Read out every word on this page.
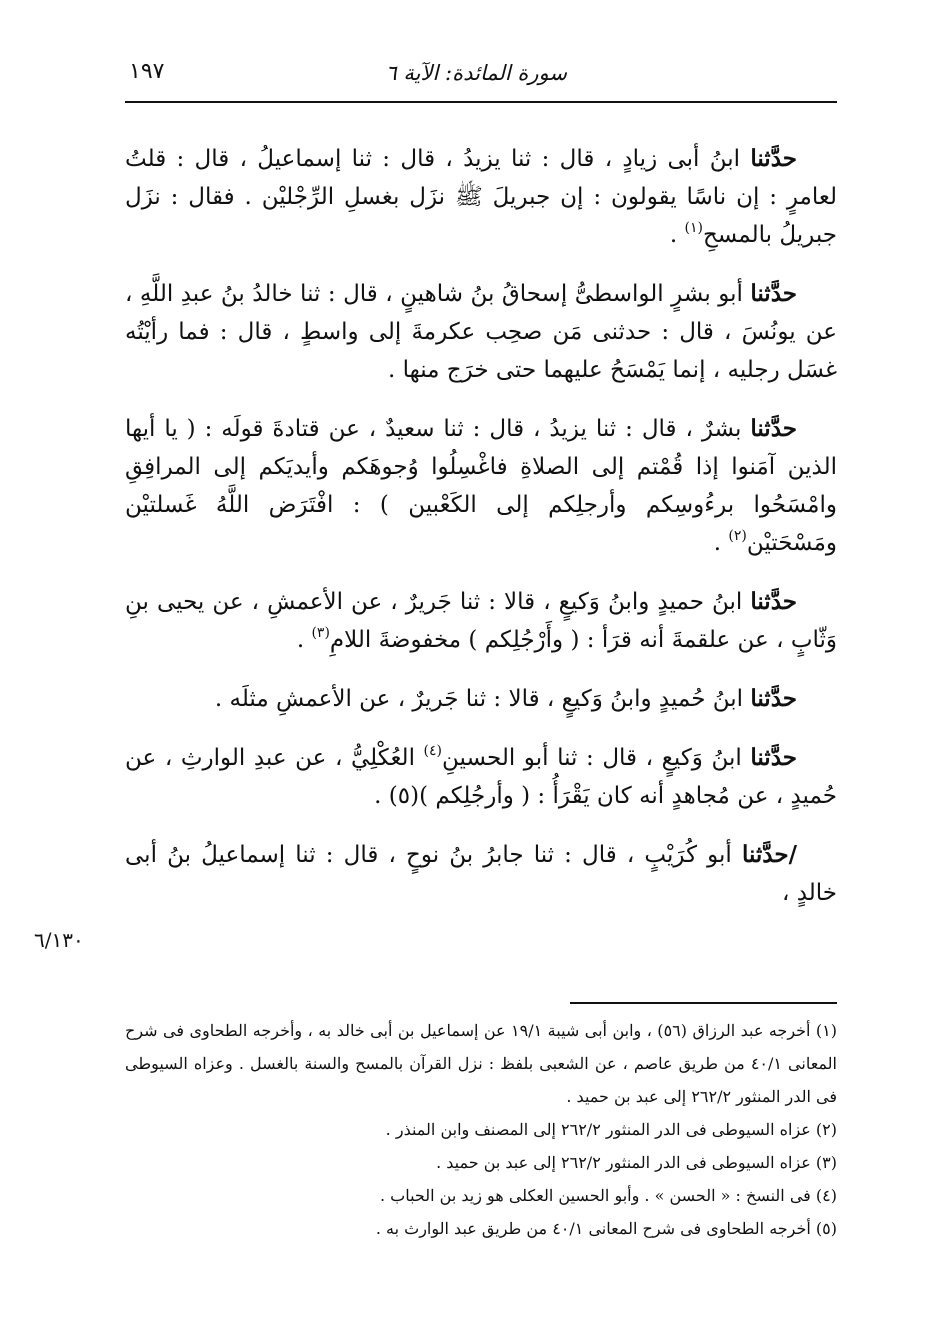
سورة المائدة: الآية ٦
١٩٧

حدَّثنا ابنُ أبى زيادٍ ، قال : ثنا يزيدُ ، قال : ثنا إسماعيلُ ، قال : قلتُ لعامرٍ : إن ناسًا يقولون : إن جبريلَ ﷺ نزَل بغسلِ الرِّجْليْن . فقال : نزَل جبريلُ بالمسحِ$^{(١)}$ .

حدَّثنا أبو بشرٍ الواسطىُّ إسحاقُ بنُ شاهينٍ ، قال : ثنا خالدُ بنُ عبدِ اللَّهِ ، عن يونُسَ ، قال : حدثنى مَن صحِب عكرمةَ إلى واسطٍ ، قال : فما رأيْتُه غسَل رجليه ، إنما يَمْسَحُ عليهما حتى خرَج منها .

حدَّثنا بشرٌ ، قال : ثنا يزيدُ ، قال : ثنا سعيدٌ ، عن قتادةَ قولَه : ( يا أيها الذين آمَنوا إذا قُمْتم إلى الصلاةِ فاغْسِلُوا وُجوهَكم وأيديَكم إلى المرافِقِ وامْسَحُوا برءُوسِكم وأرجلِكم إلى الكَعْبين ) : افْتَرَض اللَّهُ غَسلتيْن ومَسْحَتيْن$^{(٢)}$ .

حدَّثنا ابنُ حميدٍ وابنُ وَكيعٍ ، قالا : ثنا جَريرٌ ، عن الأعمشِ ، عن يحيى بنِ وَثّابٍ ، عن علقمةَ أنه قرَأ : ( وأَرْجُلِكم ) مخفوضةَ اللامِ$^{(٣)}$ .

حدَّثنا ابنُ حُميدٍ وابنُ وَكيعٍ ، قالا : ثنا جَريرٌ ، عن الأعمشِ مثلَه .

حدَّثنا ابنُ وَكيعٍ ، قال : ثنا أبو الحسينِ$^{(٤)}$ العُكْلِيُّ ، عن عبدِ الوارثِ ، عن حُميدٍ ، عن مُجاهدٍ أنه كان يَقْرَأُ : ( وأرجُلِكم )(٥) .

/حدَّثنا أبو كُرَيْبٍ ، قال : ثنا جابرُ بنُ نوحٍ ، قال : ثنا إسماعيلُ بنُ أبى خالدٍ ،

٦/١٣٠

(١) أخرجه عبد الرزاق (٥٦) ، وابن أبى شيبة ١٩/١ عن إسماعيل بن أبى خالد به ، وأخرجه الطحاوى فى شرح المعانى ٤٠/١ من طريق عاصم ، عن الشعبى بلفظ : نزل القرآن بالمسح والسنة بالغسل . وعزاه السيوطى فى الدر المنثور ٢٦٢/٢ إلى عبد بن حميد .

(٢) عزاه السيوطى فى الدر المنثور ٢٦٢/٢ إلى المصنف وابن المنذر .

(٣) عزاه السيوطى فى الدر المنثور ٢٦٢/٢ إلى عبد بن حميد .

(٤) فى النسخ : « الحسن » . وأبو الحسين العكلى هو زيد بن الحباب .

(٥) أخرجه الطحاوى فى شرح المعانى ٤٠/١ من طريق عبد الوارث به .
